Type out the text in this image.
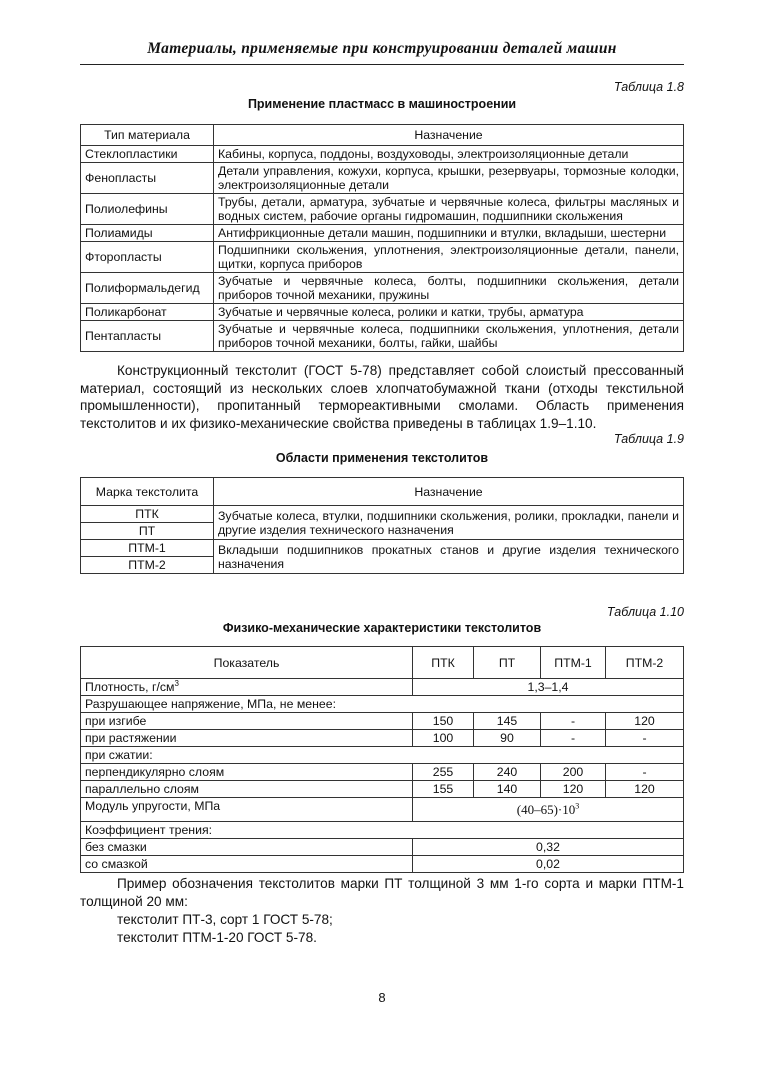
Материалы, применяемые при конструировании деталей машин
Таблица 1.8
Применение пластмасс в машиностроении
Тип материала	Назначение
Стеклопластики	Кабины, корпуса, поддоны, воздуховоды, электроизоляционные детали
Фенопласты	Детали управления, кожухи, корпуса, крышки, резервуары, тормозные колодки, электроизоляционные детали
Полиолефины	Трубы, детали, арматура, зубчатые и червячные колеса, фильтры масляных и водных систем, рабочие органы гидромашин, подшипники скольжения
Полиамиды	Антифрикционные детали машин, подшипники и втулки, вкладыши, шестерни
Фторопласты	Подшипники скольжения, уплотнения, электроизоляционные детали, панели, щитки, корпуса приборов
Полиформальдегид	Зубчатые и червячные колеса, болты, подшипники скольжения, детали приборов точной механики, пружины
Поликарбонат	Зубчатые и червячные колеса, ролики и катки, трубы, арматура
Пентапласты	Зубчатые и червячные колеса, подшипники скольжения, уплотнения, детали приборов точной механики, болты, гайки, шайбы
Конструкционный текстолит (ГОСТ 5-78) представляет собой слоистый прессованный материал, состоящий из нескольких слоев хлопчатобумажной ткани (отходы текстильной промышленности), пропитанный термореактивными смолами. Область применения текстолитов и их физико-механические свойства приведены в таблицах 1.9–1.10.
Таблица 1.9
Области применения текстолитов
Марка текстолита	Назначение
ПТК	Зубчатые колеса, втулки, подшипники скольжения, ролики, прокладки, панели и другие изделия технического назначения
ПТ	
ПТМ-1	Вкладыши подшипников прокатных станов и другие изделия технического назначения
ПТМ-2	
Таблица 1.10
Физико-механические характеристики текстолитов
Показатель	ПТК	ПТ	ПТМ-1	ПТМ-2
Плотность, $г/см^3$	1,3–1,4			
Разрушающее напряжение, МПа, не менее:				
при изгибе	150	145	-	120
при растяжении	100	90	-	-
при сжатии:				
перпендикулярно слоям	255	240	200	-
параллельно слоям	155	140	120	120
Модуль упругости, МПа	$(40-65)\cdot 10^3$
Коэффициент трения:				
без смазки	0,32			
со смазкой	0,02			
Пример обозначения текстолитов марки ПТ толщиной 3 мм 1-го сорта и марки ПТМ-1 толщиной 20 мм:
текстолит ПТ-3, сорт 1 ГОСТ 5-78;
текстолит ПТМ-1-20 ГОСТ 5-78.
8
